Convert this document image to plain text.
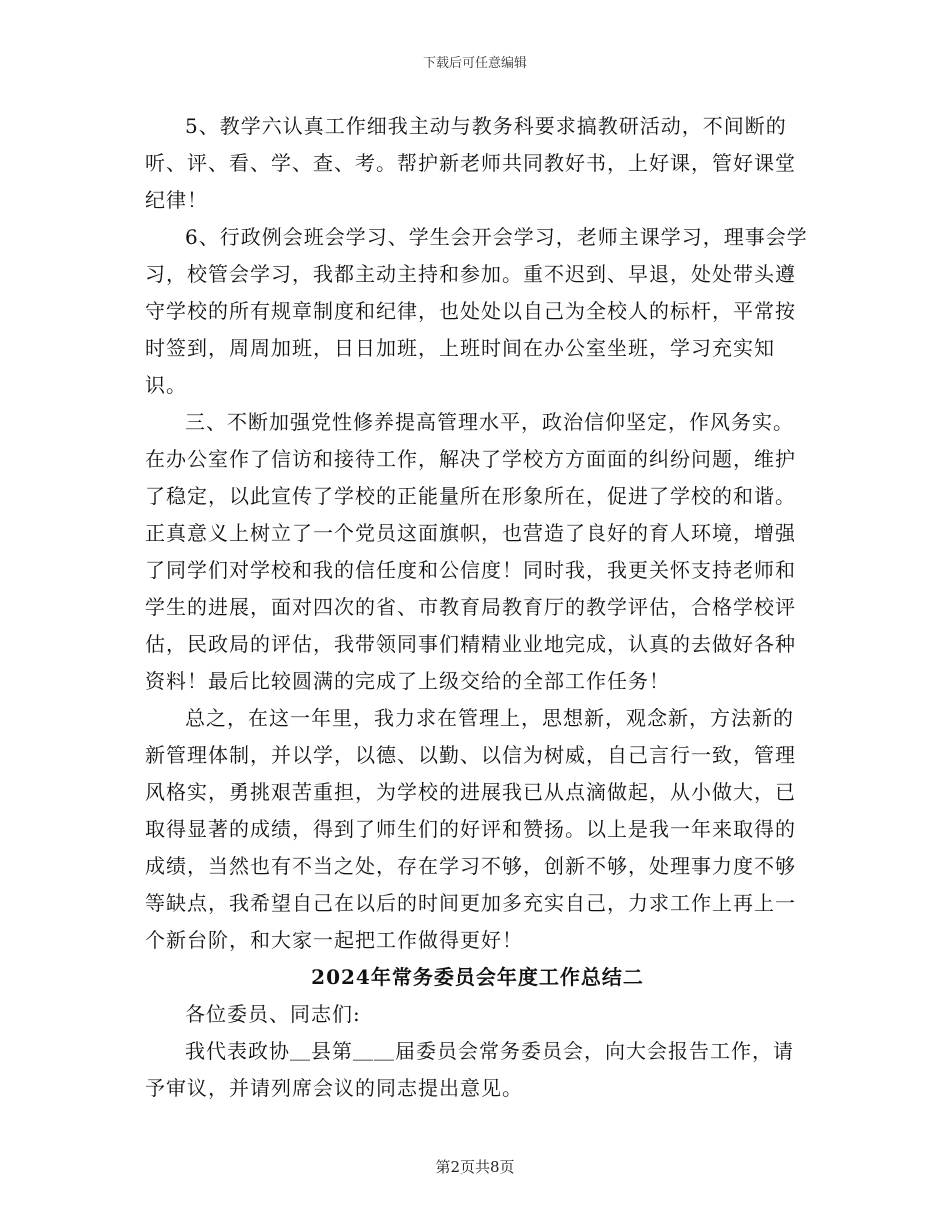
下载后可任意编辑

5、教学六认真工作细我主动与教务科要求搞教研活动，不间断的听、评、看、学、查、考。帮护新老师共同教好书，上好课，管好课堂纪律！

6、行政例会班会学习、学生会开会学习，老师主课学习，理事会学习，校管会学习，我都主动主持和参加。重不迟到、早退，处处带头遵守学校的所有规章制度和纪律，也处处以自己为全校人的标杆，平常按时签到，周周加班，日日加班，上班时间在办公室坐班，学习充实知识。

三、不断加强党性修养提高管理水平，政治信仰坚定，作风务实。在办公室作了信访和接待工作，解决了学校方方面面的纠纷问题，维护了稳定，以此宣传了学校的正能量所在形象所在，促进了学校的和谐。正真意义上树立了一个党员这面旗帜，也营造了良好的育人环境，增强了同学们对学校和我的信任度和公信度！同时我，我更关怀支持老师和学生的进展，面对四次的省、市教育局教育厅的教学评估，合格学校评估，民政局的评估，我带领同事们精精业业地完成，认真的去做好各种资料！最后比较圆满的完成了上级交给的全部工作任务！

总之，在这一年里，我力求在管理上，思想新，观念新，方法新的新管理体制，并以学，以德、以勤、以信为树威，自己言行一致，管理风格实，勇挑艰苦重担，为学校的进展我已从点滴做起，从小做大，已取得显著的成绩，得到了师生们的好评和赞扬。以上是我一年来取得的成绩，当然也有不当之处，存在学习不够，创新不够，处理事力度不够等缺点，我希望自己在以后的时间更加多充实自己，力求工作上再上一个新台阶，和大家一起把工作做得更好！

2024年常务委员会年度工作总结二

各位委员、同志们:

我代表政协＿县第＿＿届委员会常务委员会，向大会报告工作，请予审议，并请列席会议的同志提出意见。

第2页共8页
